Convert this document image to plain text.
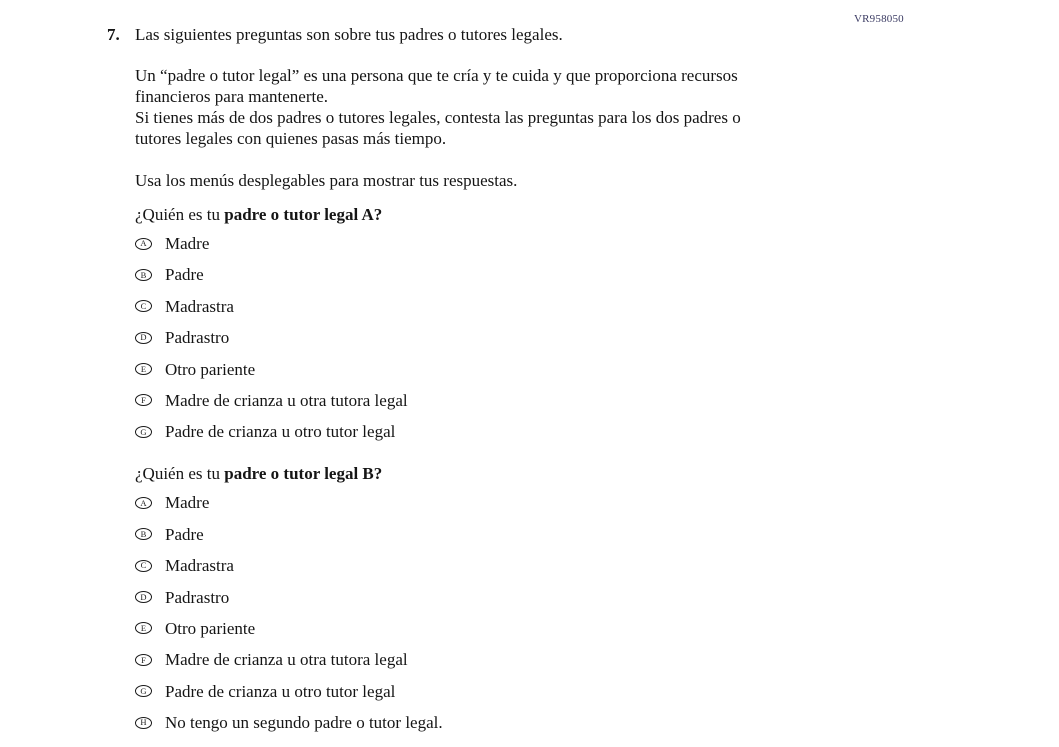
VR958050
7. Las siguientes preguntas son sobre tus padres o tutores legales.
Un “padre o tutor legal” es una persona que te cría y te cuida y que proporciona recursos
financieros para mantenerte.
Si tienes más de dos padres o tutores legales, contesta las preguntas para los dos padres o
tutores legales con quienes pasas más tiempo.
Usa los menús desplegables para mostrar tus respuestas.
¿Quién es tu padre o tutor legal A?
A	Madre
B	Padre
C	Madrastra
D	Padrastro
E	Otro pariente
F	Madre de crianza u otra tutora legal
G	Padre de crianza u otro tutor legal
¿Quién es tu padre o tutor legal B?
A	Madre
B	Padre
C	Madrastra
D	Padrastro
E	Otro pariente
F	Madre de crianza u otra tutora legal
G	Padre de crianza u otro tutor legal
H	No tengo un segundo padre o tutor legal.
